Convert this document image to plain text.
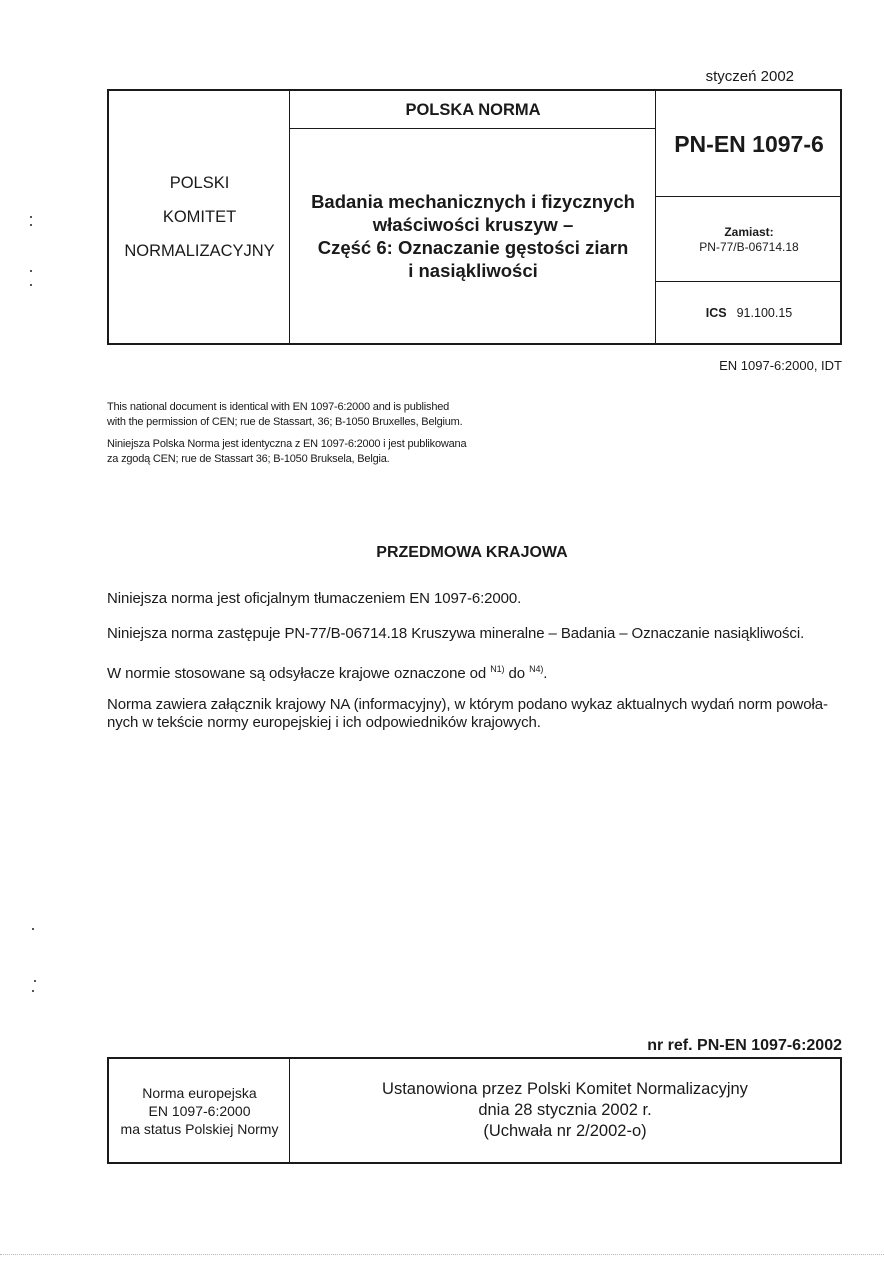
styczeń 2002
POLSKI
KOMITET
NORMALIZACYJNY
POLSKA NORMA
Badania mechanicznych i fizycznych
właściwości kruszyw –
Część 6: Oznaczanie gęstości ziarn
i nasiąkliwości
PN-EN 1097-6
Zamiast:
PN-77/B-06714.18
ICS 91.100.15
EN 1097-6:2000, IDT
This national document is identical with EN 1097-6:2000 and is published
with the permission of CEN; rue de Stassart, 36; B-1050 Bruxelles, Belgium.
Niniejsza Polska Norma jest identyczna z EN 1097-6:2000 i jest publikowana
za zgodą CEN; rue de Stassart 36; B-1050 Bruksela, Belgia.
PRZEDMOWA KRAJOWA
Niniejsza norma jest oficjalnym tłumaczeniem EN 1097-6:2000.
Niniejsza norma zastępuje PN-77/B-06714.18 Kruszywa mineralne – Badania – Oznaczanie nasiąkliwości.
W normie stosowane są odsyłacze krajowe oznaczone od $^{N1)}$ do $^{N4)}$.
Norma zawiera załącznik krajowy NA (informacyjny), w którym podano wykaz aktualnych wydań norm powoła-nych w tekście normy europejskiej i ich odpowiedników krajowych.
nr ref. PN-EN 1097-6:2002
Norma europejska
EN 1097-6:2000
ma status Polskiej Normy
Ustanowiona przez Polski Komitet Normalizacyjny
dnia 28 stycznia 2002 r.
(Uchwała nr 2/2002-o)
